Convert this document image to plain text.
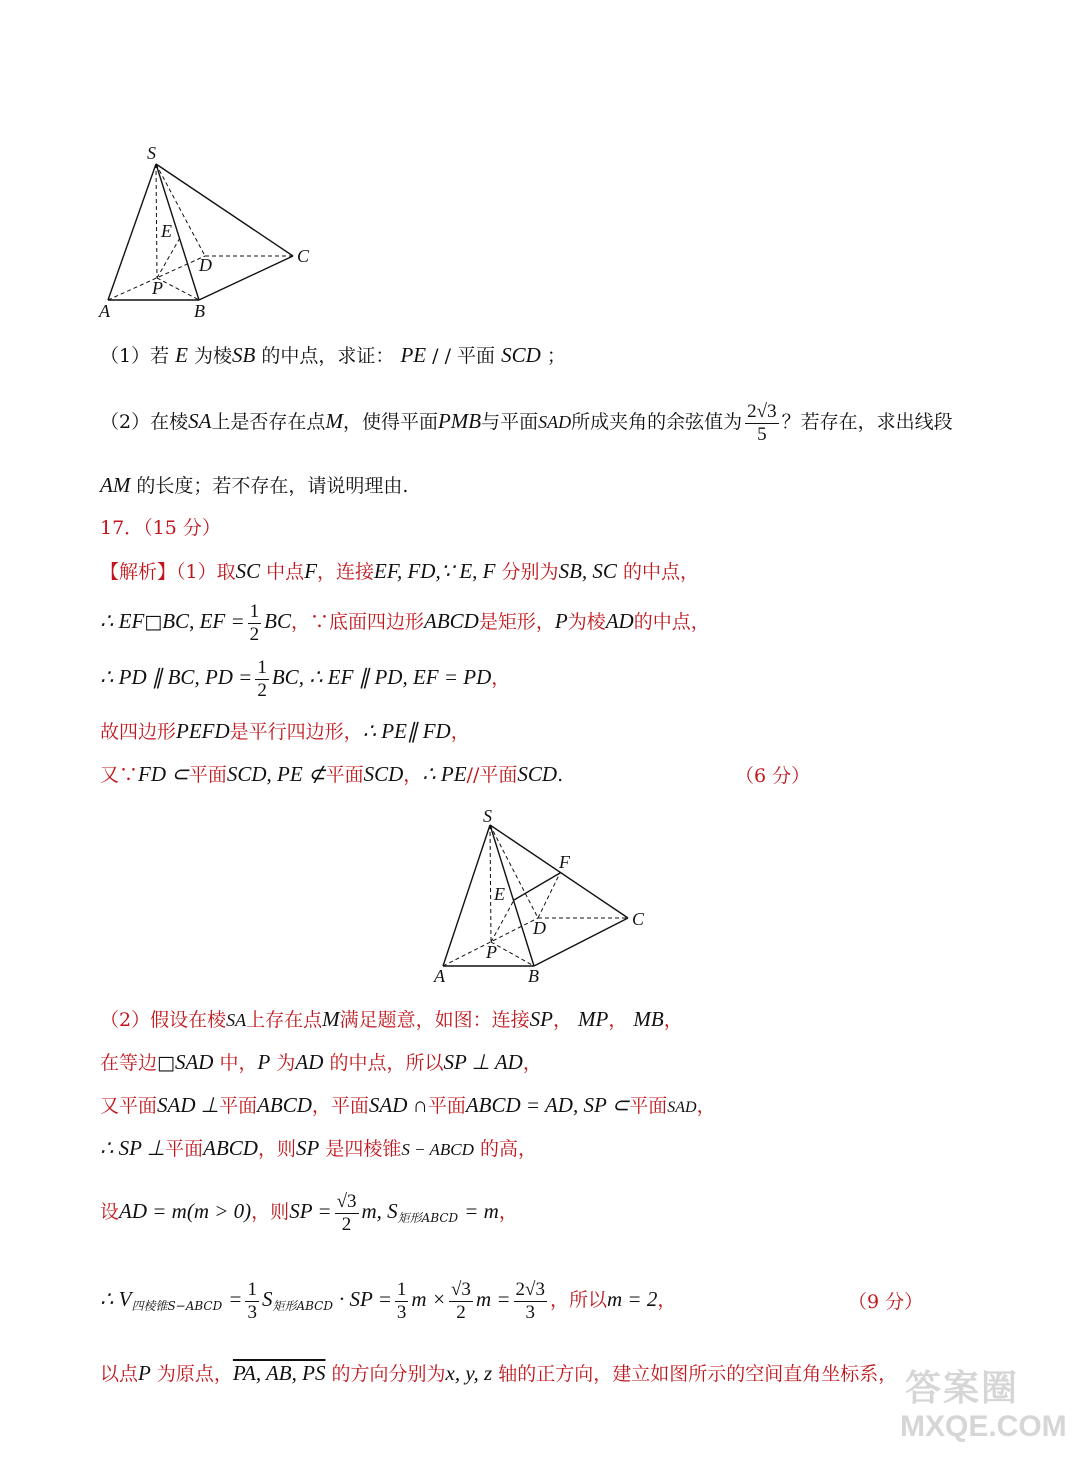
S
E
D	C
P
A	B
（1）若 E 为棱SB 的中点，求证： PE / / 平面 SCD ；
（2）在棱SA上是否存在点M，使得平面PMB与平面SAD所成夹角的余弦值为 $\frac{2√3}{5}$ ？若存在，求出线段
AM 的长度；若不存在，请说明理由.
17．（15 分）
【解析】（1）取SC 中点F，连接EF, FD,∵ E, F 分别为SB, SC 的中点，
∴ EF□BC, EF = $\frac{1}{2}$ BC，∵底面四边形ABCD是矩形，P为棱AD的中点，
∴ PD ∥ BC, PD = $\frac{1}{2}$ BC, ∴ EF ∥ PD, EF = PD，
故四边形PEFD是平行四边形，∴ PE∥ FD，
又∵FD ⊂平面SCD, PE ⊄平面SCD，∴ PE//平面SCD.	（6 分）
S
F
E
D	C
P
A	B
（2）假设在棱SA上存在点M满足题意，如图：连接SP， MP， MB，
在等边□SAD 中，P 为AD 的中点，所以SP ⊥ AD，
又平面SAD ⊥平面ABCD，平面SAD ∩平面ABCD = AD, SP ⊂平面SAD，
∴ SP ⊥平面ABCD，则SP 是四棱锥S − ABCD 的高，
设AD = m(m > 0)，则SP = $\frac{√3}{2} m$, $S_{矩形ABCD} = m$，
∴ $V_{四棱锥S-ABCD} = \frac{1}{3} S_{矩形ABCD}$ · SP = $\frac{1}{3}$ $m \times \frac{√3}{2}$ $m = \frac{2√3}{3}$ ，所以m = 2，	（9 分）
以点P 为原点，PA, AB, PS 的方向分别为x, y, z 轴的正方向，建立如图所示的空间直角坐标系， 答案圈
MXQE.COM
